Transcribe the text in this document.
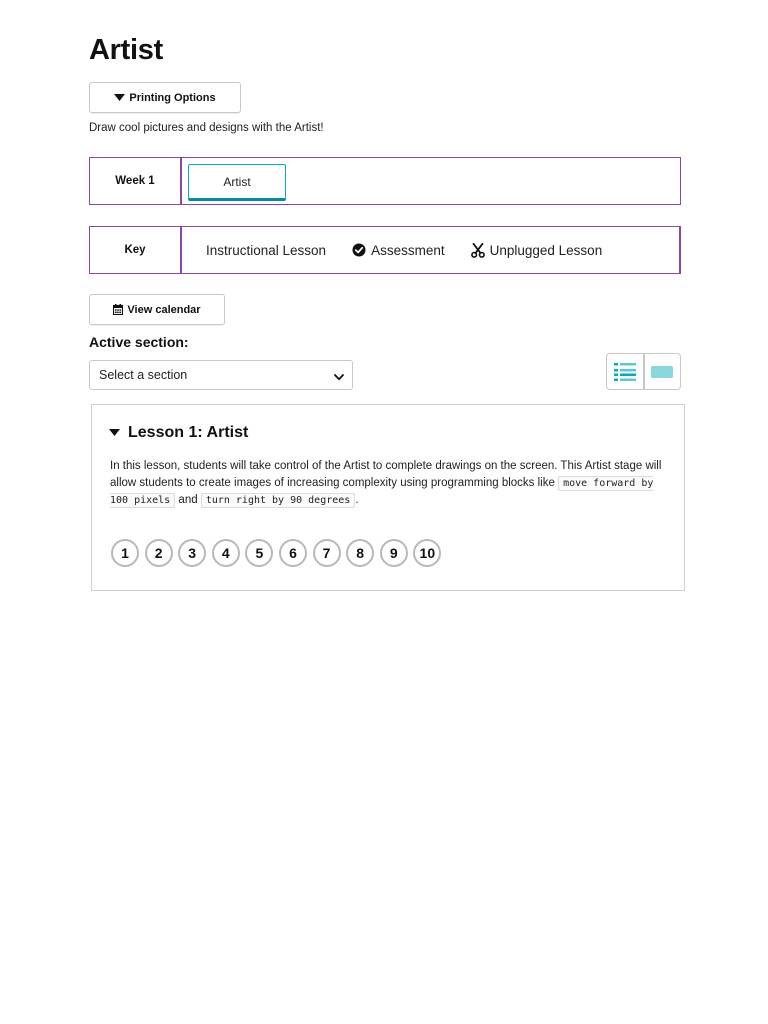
Artist
Printing Options
Draw cool pictures and designs with the Artist!
Week 1	Artist
Key	Instructional Lesson	Assessment	Unplugged Lesson
View calendar
Active section:
Select a section
Lesson 1: Artist
In this lesson, students will take control of the Artist to complete drawings on the screen. This Artist stage will allow students to create images of increasing complexity using programming blocks like move forward by 100 pixels and turn right by 90 degrees .
1	2	3	4	5	6	7	8	9	10
